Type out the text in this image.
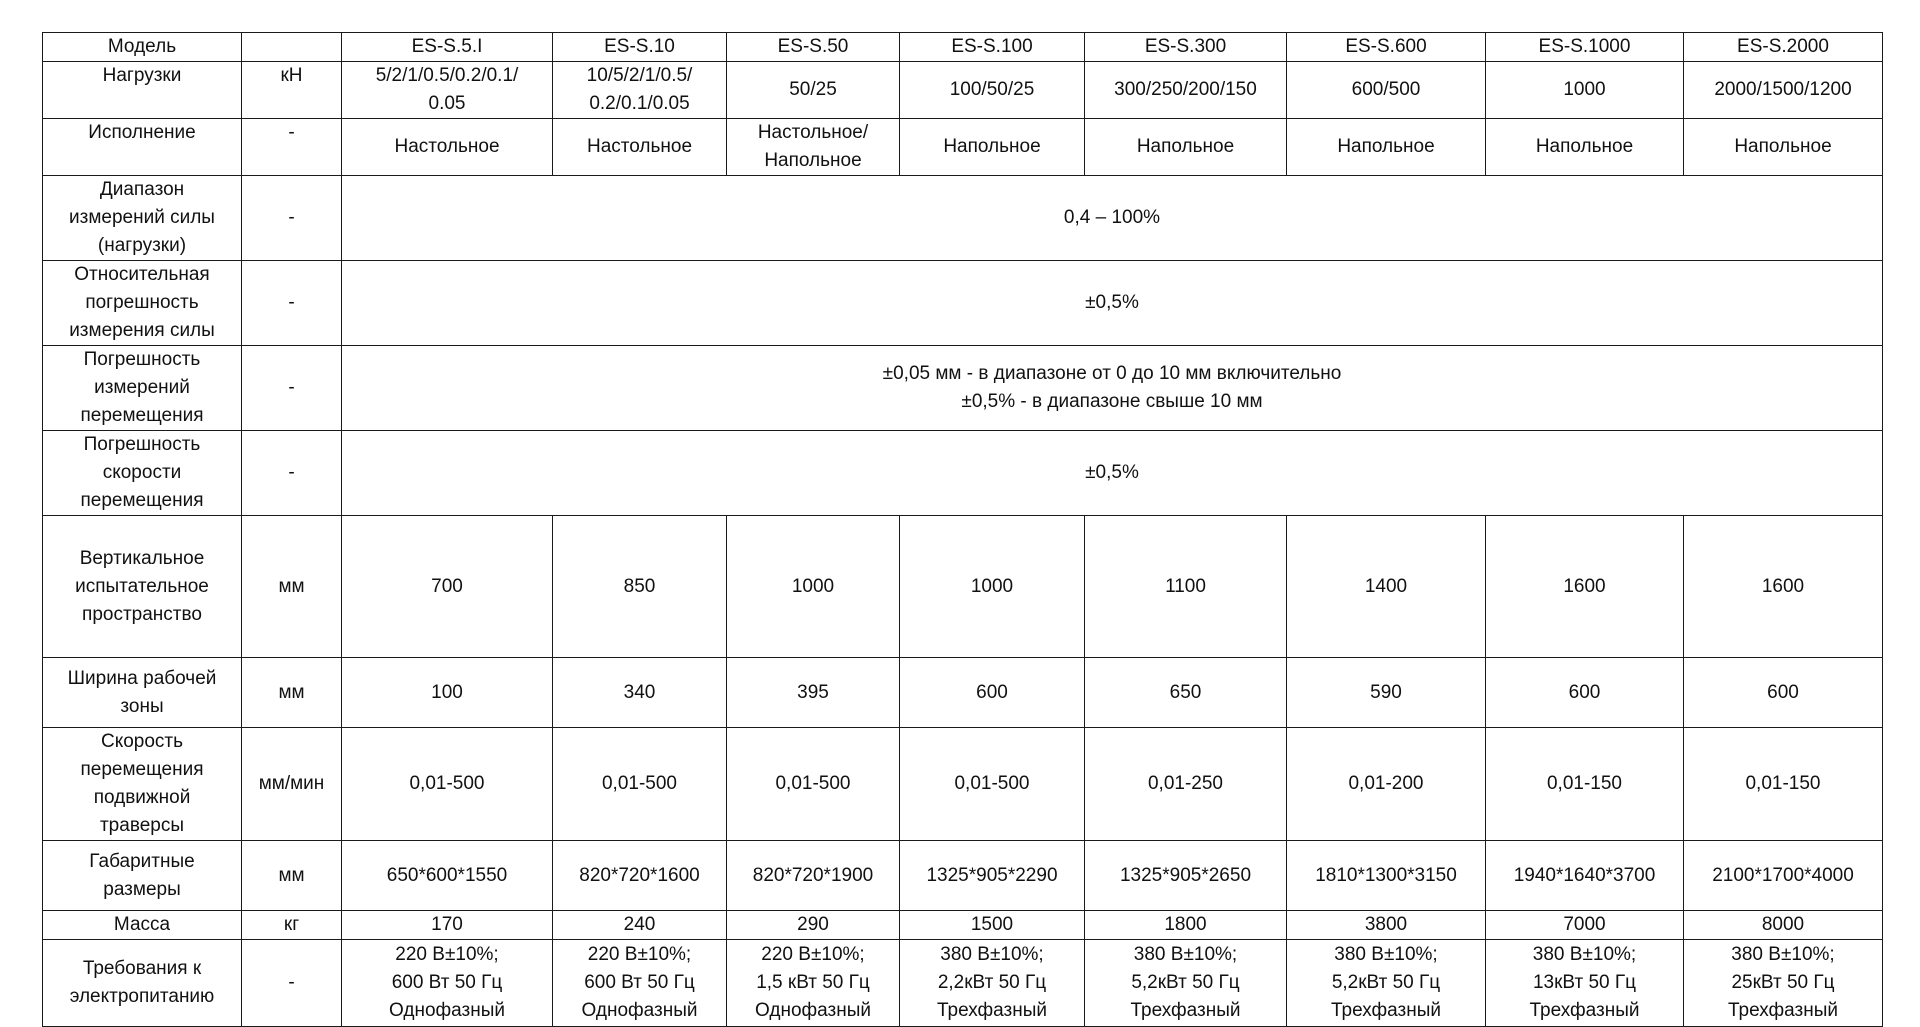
Модель		ES-S.5.I	ES-S.10	ES-S.50	ES-S.100	ES-S.300	ES-S.600	ES-S.1000	ES-S.2000

Нагрузки	кН	5/2/1/0.5/0.2/0.1/
0.05	10/5/2/1/0.5/
0.2/0.1/0.05	50/25	100/50/25	300/250/200/150	600/500	1000	2000/1500/1200

Исполнение	-	Настольное	Настольное	Настольное/
Напольное	Напольное	Напольное	Напольное	Напольное	Напольное

Диапазон
измерений силы
(нагрузки)	-	0,4 – 100%							

Относительная
погрешность
измерения силы	-	±0,5%							

Погрешность
измерений
перемещения	-	±0,05 мм - в диапазоне от 0 до 10 мм включительно
±0,5% - в диапазоне свыше 10 мм							

Погрешность
скорости
перемещения	-	±0,5%							

Вертикальное
испытательное
пространство	мм	700	850	1000	1000	1100	1400	1600	1600

Ширина рабочей
зоны	мм	100	340	395	600	650	590	600	600

Скорость
перемещения
подвижной
траверсы	мм/мин	0,01-500	0,01-500	0,01-500	0,01-500	0,01-250	0,01-200	0,01-150	0,01-150

Габаритные
размеры	мм	650*600*1550	820*720*1600	820*720*1900	1325*905*2290	1325*905*2650	1810*1300*3150	1940*1640*3700	2100*1700*4000

Масса	кг	170	240	290	1500	1800	3800	7000	8000

Требования к
электропитанию	-	220 В±10%;
600 Вт 50 Гц
Однофазный	220 В±10%;
600 Вт 50 Гц
Однофазный	220 В±10%;
1,5 кВт 50 Гц
Однофазный	380 В±10%;
2,2кВт 50 Гц
Трехфазный	380 В±10%;
5,2кВт 50 Гц
Трехфазный	380 В±10%;
5,2кВт 50 Гц
Трехфазный	380 В±10%;
13кВт 50 Гц
Трехфазный	380 В±10%;
25кВт 50 Гц
Трехфазный
